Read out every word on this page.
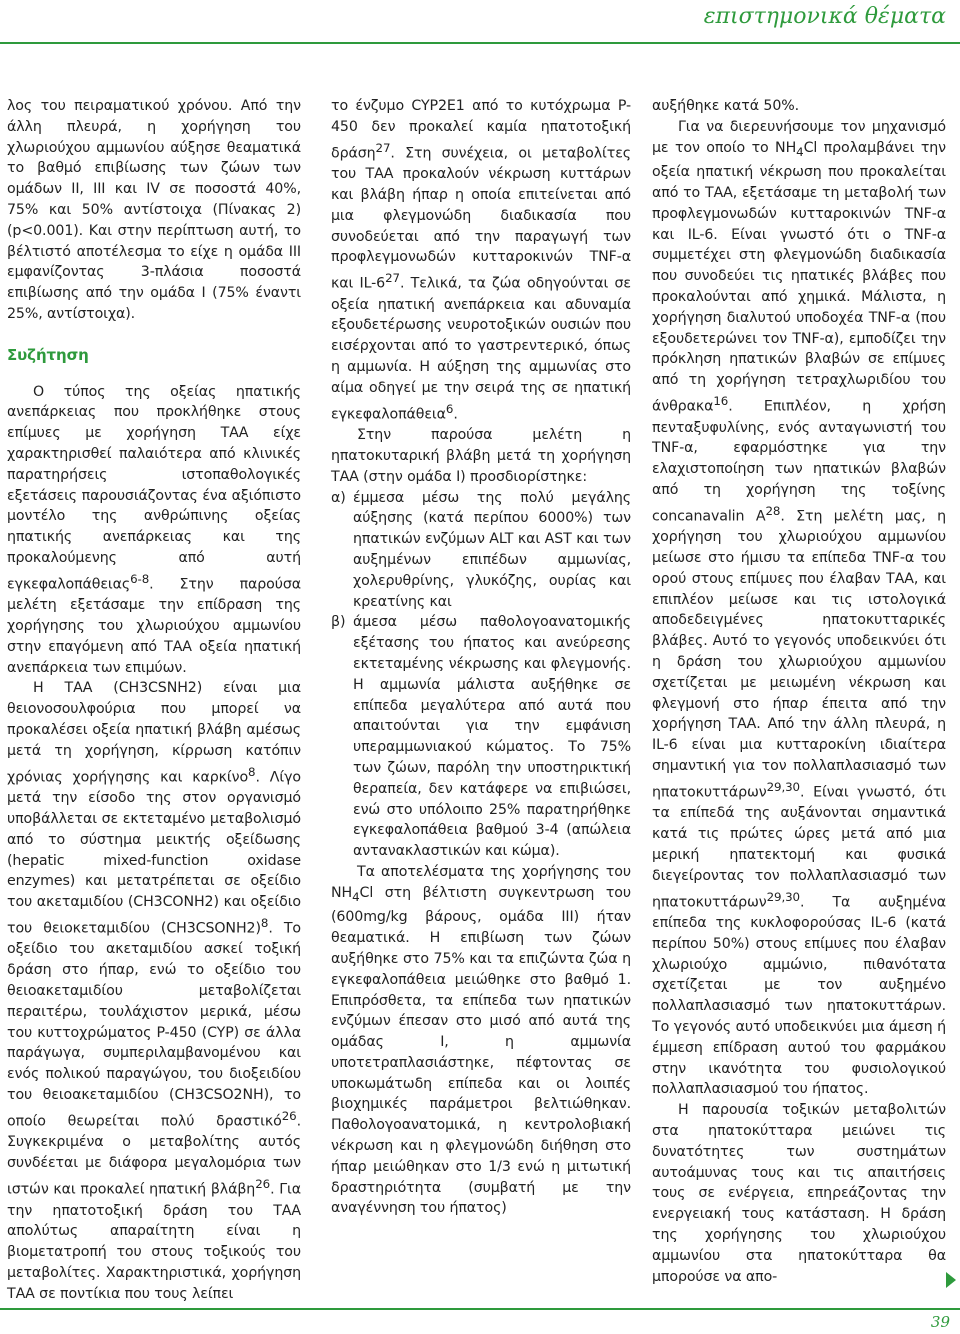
επιστημονικά θέματα

λος του πειραματικού χρόνου. Από την άλλη πλευρά, η χορήγηση του χλωριούχου αμμωνίου αύξησε θεαματικά το βαθμό επιβίωσης των ζώων των ομάδων II, III και IV σε ποσοστά 40%, 75% και 50% αντίστοιχα (Πίνακας 2) (p<0.001). Και στην περίπτωση αυτή, το βέλτιστό αποτέλεσμα το είχε η ομάδα III εμφανίζοντας 3-πλάσια ποσοστά επιβίωσης από την ομάδα I (75% έναντι 25%, αντίστοιχα).

Συζήτηση

Ο τύπος της οξείας ηπατικής ανεπάρκειας που προκλήθηκε στους επίμυες με χορήγηση ΤΑΑ είχε χαρακτηρισθεί παλαιότερα από κλινικές παρατηρήσεις ιστοπαθολογικές εξετάσεις παρουσιάζοντας ένα αξιόπιστο μοντέλο της ανθρώπινης οξείας ηπατικής ανεπάρκειας και της προκαλούμενης από αυτή εγκεφαλοπάθειας$^{6-8}$. Στην παρούσα μελέτη εξετάσαμε την επίδραση της χορήγησης του χλωριούχου αμμωνίου στην επαγόμενη από ΤΑΑ οξεία ηπατική ανεπάρκεια των επιμύων.

Η ΤΑΑ (CH3CSNH2) είναι μια θειονοσουλφούρια που μπορεί να προκαλέσει οξεία ηπατική βλάβη αμέσως μετά τη χορήγηση, κίρρωση κατόπιν χρόνιας χορήγησης και καρκίνο$^8$. Λίγο μετά την είσοδο της στον οργανισμό υποβάλλεται σε εκτεταμένο μεταβολισμό από το σύστημα μεικτής οξείδωσης (hepatic mixed-function oxidase enzymes) και μετατρέπεται σε οξείδιο του ακεταμιδίου (CH3CONH2) και οξείδιο του θειοκεταμιδίου (CH3CSONH2)$^8$. Το οξείδιο του ακεταμιδίου ασκεί τοξική δράση στο ήπαρ, ενώ το οξείδιο του θειοακεταμιδίου μεταβολίζεται περαιτέρω, τουλάχιστον μερικά, μέσω του κυττοχρώματος P-450 (CYP) σε άλλα παράγωγα, συμπεριλαμβανομένου και ενός πολικού παραγώγου, του διοξειδίου του θειοακεταμιδίου (CH3CSO2NH), το οποίο θεωρείται πολύ δραστικό$^{26}$. Συγκεκριμένα ο μεταβολίτης αυτός συνδέεται με διάφορα μεγαλομόρια των ιστών και προκαλεί ηπατική βλάβη$^{26}$. Για την ηπατοτοξική δράση του ΤΑΑ απολύτως απαραίτητη είναι η βιομετατροπή του στους τοξικούς του μεταβολίτες. Χαρακτηριστικά, χορήγηση ΤΑΑ σε ποντίκια που τους λείπει

το ένζυμο CYP2E1 από το κυτόχρωμα P-450 δεν προκαλεί καμία ηπατοτοξική δράση$^{27}$. Στη συνέχεια, οι μεταβολίτες του ΤΑΑ προκαλούν νέκρωση κυττάρων και βλάβη ήπαρ η οποία επιτείνεται από μια φλεγμονώδη διαδικασία που συνοδεύεται από την παραγωγή των προφλεγμονωδών κυτταροκινών TNF-α και $IL-6^{27}$. Τελικά, τα ζώα οδηγούνται σε οξεία ηπατική ανεπάρκεια και αδυναμία εξουδετέρωσης νευροτοξικών ουσιών που εισέρχονται από το γαστρεντερικό, όπως η αμμωνία. Η αύξηση της αμμωνίας στο αίμα οδηγεί με την σειρά της σε ηπατική εγκεφαλοπάθεια$^6$.

Στην παρούσα μελέτη η ηπατοκυταρική βλάβη μετά τη χορήγηση ΤΑΑ (στην ομάδα I) προσδιορίστηκε:

α) έμμεσα μέσω της πολύ μεγάλης αύξησης (κατά περίπου 6000%) των ηπατικών ενζύμων ALT και AST και των αυξημένων επιπέδων αμμωνίας, χολερυθρίνης, γλυκόζης, ουρίας και κρεατίνης και

β) άμεσα μέσω παθολογοανατομικής εξέτασης του ήπατος και ανεύρεσης εκτεταμένης νέκρωσης και φλεγμονής. Η αμμωνία μάλιστα αυξήθηκε σε επίπεδα μεγαλύτερα από αυτά που απαιτούνται για την εμφάνιση υπεραμμωνιακού κώματος. Το 75% των ζώων, παρόλη την υποστηρικτική θεραπεία, δεν κατάφερε να επιβιώσει, ενώ στο υπόλοιπο 25% παρατηρήθηκε εγκεφαλοπάθεια βαθμού 3-4 (απώλεια αντανακλαστικών και κώμα).

Τα αποτελέσματα της χορήγησης του $NH_4Cl$ στη βέλτιστη συγκεντρωση του (600mg/kg βάρους, ομάδα III) ήταν θεαματικά. Η επιβίωση των ζώων αυξήθηκε στο 75% και τα επιζώντα ζώα η εγκεφαλοπάθεια μειώθηκε στο βαθμό 1. Επιπρόσθετα, τα επίπεδα των ηπατικών ενζύμων έπεσαν στο μισό από αυτά της ομάδας I, η αμμωνία υποτετραπλασιάστηκε, πέφτοντας σε υποκωμάτωδη επίπεδα και οι λοιπές βιοχημικές παράμετροι βελτιώθηκαν. Παθολογοανατομικά, η κεντρολοβιακή νέκρωση και η φλεγμονώδη διήθηση στο ήπαρ μειώθηκαν στο 1/3 ενώ η μιτωτική δραστηριότητα (συμβατή με την αναγέννηση του ήπατος)

αυξήθηκε κατά 50%.

Για να διερευνήσουμε τον μηχανισμό με τον οποίο το $NH_4Cl$ προλαμβάνει την οξεία ηπατική νέκρωση που προκαλείται από το ΤΑΑ, εξετάσαμε τη μεταβολή των προφλεγμονωδών κυτταροκινών TNF-α και IL-6. Είναι γνωστό ότι ο TNF-α συμμετέχει στη φλεγμονώδη διαδικασία που συνοδεύει τις ηπατικές βλάβες που προκαλούνται από χημικά. Μάλιστα, η χορήγηση διαλυτού υποδοχέα TNF-α (που εξουδετερώνει τον TNF-α), εμποδίζει την πρόκληση ηπατικών βλαβών σε επίμυες από τη χορήγηση τετραχλωριδίου του άνθρακα$^{16}$. Επιπλέον, η χρήση πενταξυφυλίνης, ενός ανταγωνιστή του TNF-α, εφαρμόστηκε για την ελαχιστοποίηση των ηπατικών βλαβών από τη χορήγηση της τοξίνης concanavalin $A^{28}$. Στη μελέτη μας, η χορήγηση του χλωριούχου αμμωνίου μείωσε στο ήμισυ τα επίπεδα TNF-α του ορού στους επίμυες που έλαβαν ΤΑΑ, και επιπλέον μείωσε και τις ιστολογικά αποδεδειγμένες ηπατοκυτταρικές βλάβες. Αυτό το γεγονός υποδεικνύει ότι η δράση του χλωριούχου αμμωνίου σχετίζεται με μειωμένη νέκρωση και φλεγμονή στο ήπαρ έπειτα από την χορήγηση ΤΑΑ. Από την άλλη πλευρά, η IL-6 είναι μια κυτταροκίνη ιδιαίτερα σημαντική για τον πολλαπλασιασμό των ηπατοκυττάρων$^{29,30}$. Είναι γνωστό, ότι τα επίπεδά της αυξάνονται σημαντικά κατά τις πρώτες ώρες μετά από μια μερική ηπατεκτομή και φυσικά διεγείροντας τον πολλαπλασιασμό των ηπατοκυττάρων$^{29,30}$. Τα αυξημένα επίπεδα της κυκλοφορούσας IL-6 (κατά περίπου 50%) στους επίμυες που έλαβαν χλωριούχο αμμώνιο, πιθανότατα σχετίζεται με τον αυξημένο πολλαπλασιασμό των ηπατοκυττάρων. Το γεγονός αυτό υποδεικνύει μια άμεση ή έμμεση επίδραση αυτού του φαρμάκου στην ικανότητα του φυσιολογικού πολλαπλασιασμού του ήπατος.

Η παρουσία τοξικών μεταβολιτών στα ηπατοκύτταρα μειώνει τις δυνατότητες των συστημάτων αυτοάμυνας τους και τις απαιτήσεις τους σε ενέργεια, επηρεάζοντας την ενεργειακή τους κατάσταση. Η δράση της χορήγησης του χλωριούχου αμμωνίου στα ηπατοκύτταρα θα μπορούσε να απο-

39
